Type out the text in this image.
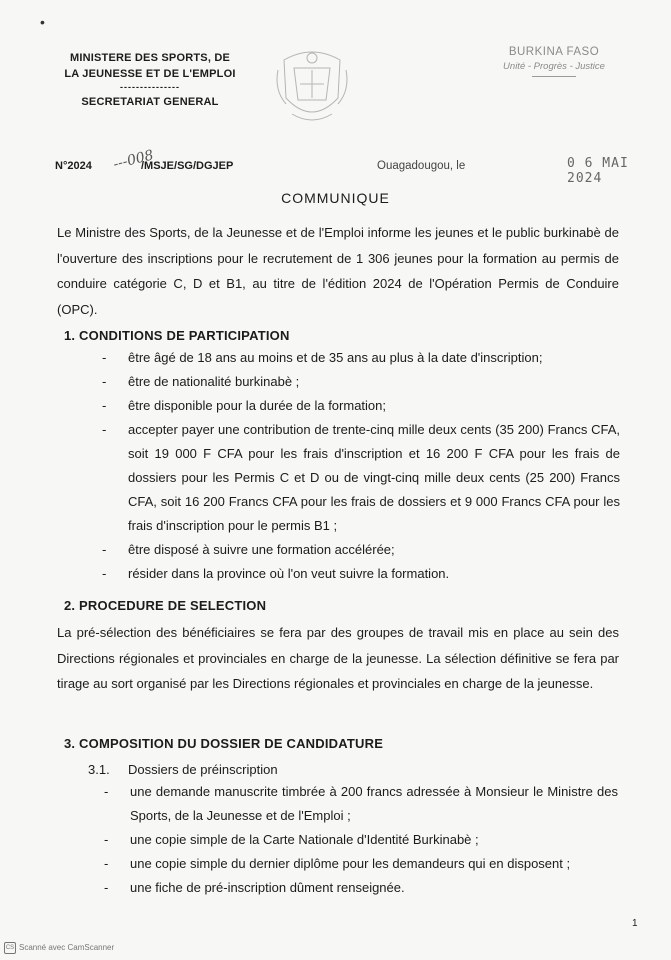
•
MINISTERE DES SPORTS, DE
LA JEUNESSE ET DE L'EMPLOI
---------------
SECRETARIAT GENERAL
BURKINA FASO
Unité - Progrès - Justice
N°2024 ---008
/MSJE/SG/DGJEP	Ouagadougou, le	0 6 MAI 2024
COMMUNIQUE
Le Ministre des Sports, de la Jeunesse et de l'Emploi informe les jeunes et le public burkinabè de l'ouverture des inscriptions pour le recrutement de 1 306 jeunes pour la formation au permis de conduire catégorie C, D et B1, au titre de l'édition 2024 de l'Opération Permis de Conduire (OPC).
1. CONDITIONS DE PARTICIPATION
- être âgé de 18 ans au moins et de 35 ans au plus à la date d'inscription;
- être de nationalité burkinabè ;
- être disponible pour la durée de la formation;
- accepter payer une contribution de trente-cinq mille deux cents (35 200) Francs CFA, soit 19 000 F CFA pour les frais d'inscription et 16 200 F CFA pour les frais de dossiers pour les Permis C et D ou de vingt-cinq mille deux cents (25 200) Francs CFA, soit 16 200 Francs CFA pour les frais de dossiers et 9 000 Francs CFA pour les frais d'inscription pour le permis B1 ;
- être disposé à suivre une formation accélérée;
- résider dans la province où l'on veut suivre la formation.
2. PROCEDURE DE SELECTION
La pré-sélection des bénéficiaires se fera par des groupes de travail mis en place au sein des Directions régionales et provinciales en charge de la jeunesse. La sélection définitive se fera par tirage au sort organisé par les Directions régionales et provinciales en charge de la jeunesse.
3. COMPOSITION DU DOSSIER DE CANDIDATURE
3.1. Dossiers de préinscription
- une demande manuscrite timbrée à 200 francs adressée à Monsieur le Ministre des Sports, de la Jeunesse et de l'Emploi ;
- une copie simple de la Carte Nationale d'Identité Burkinabè ;
- une copie simple du dernier diplôme pour les demandeurs qui en disposent ;
- une fiche de pré-inscription dûment renseignée.
1
CS Scanné avec CamScanner
